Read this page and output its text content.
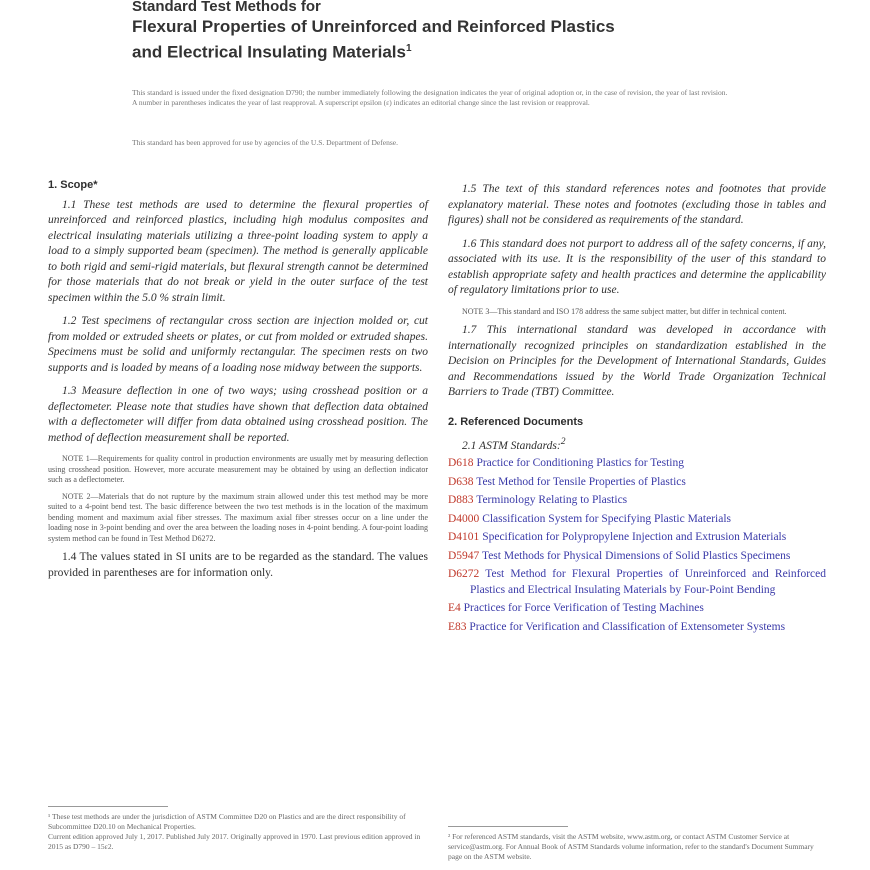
Standard Test Methods for
Flexural Properties of Unreinforced and Reinforced Plastics
and Electrical Insulating Materials$^1$
This standard is issued under the fixed designation D790; the number immediately following the designation indicates the year of original adoption or, in the case of revision, the year of last revision. A number in parentheses indicates the year of last reapproval. A superscript epsilon (ε) indicates an editorial change since the last revision or reapproval.
This standard has been approved for use by agencies of the U.S. Department of Defense.
1. Scope*

1.1 These test methods are used to determine the flexural properties of unreinforced and reinforced plastics, including high modulus composites and electrical insulating materials utilizing a three-point loading system to apply a load to a simply supported beam (specimen). The method is generally applicable to both rigid and semi-rigid materials, but flexural strength cannot be determined for those materials that do not break or yield in the outer surface of the test specimen within the 5.0 % strain limit.

1.2 Test specimens of rectangular cross section are injection molded or, cut from molded or extruded sheets or plates, or cut from molded or extruded shapes. Specimens must be solid and uniformly rectangular. The specimen rests on two supports and is loaded by means of a loading nose midway between the supports.

1.3 Measure deflection in one of two ways; using crosshead position or a deflectometer. Please note that studies have shown that deflection data obtained with a deflectometer will differ from data obtained using crosshead position. The method of deflection measurement shall be reported.

NOTE 1—Requirements for quality control in production environments are usually met by measuring deflection using crosshead position. However, more accurate measurement may be obtained by using an deflection indicator such as a deflectometer.

NOTE 2—Materials that do not rupture by the maximum strain allowed under this test method may be more suited to a 4-point bend test. The basic difference between the two test methods is in the location of the maximum bending moment and maximum axial fiber stresses. The maximum axial fiber stresses occur on a line under the loading nose in 3-point bending and over the area between the loading noses in 4-point bending. A four-point loading system method can be found in Test Method D6272.

1.4 The values stated in SI units are to be regarded as the standard. The values provided in parentheses are for information only.

1.5 The text of this standard references notes and footnotes that provide explanatory material. These notes and footnotes (excluding those in tables and figures) shall not be considered as requirements of the standard.

1.6 This standard does not purport to address all of the safety concerns, if any, associated with its use. It is the responsibility of the user of this standard to establish appropriate safety and health practices and determine the applicability of regulatory limitations prior to use.

NOTE 3—This standard and ISO 178 address the same subject matter, but differ in technical content.

1.7 This international standard was developed in accordance with internationally recognized principles on standardization established in the Decision on Principles for the Development of International Standards, Guides and Recommendations issued by the World Trade Organization Technical Barriers to Trade (TBT) Committee.

2. Referenced Documents
2.1 ASTM Standards:$^2$
D618 Practice for Conditioning Plastics for Testing
D638 Test Method for Tensile Properties of Plastics
D883 Terminology Relating to Plastics
D4000 Classification System for Specifying Plastic Materials
D4101 Specification for Polypropylene Injection and Extrusion Materials
D5947 Test Methods for Physical Dimensions of Solid Plastics Specimens
D6272 Test Method for Flexural Properties of Unreinforced and Reinforced Plastics and Electrical Insulating Materials by Four-Point Bending
E4 Practices for Force Verification of Testing Machines
E83 Practice for Verification and Classification of Extensometer Systems
¹ These test methods are under the jurisdiction of ASTM Committee D20 on Plastics and are the direct responsibility of Subcommittee D20.10 on Mechanical Properties.
Current edition approved July 1, 2017. Published July 2017. Originally approved in 1970. Last previous edition approved in 2015 as D790 – 15ε2.
² For referenced ASTM standards, visit the ASTM website, www.astm.org, or contact ASTM Customer Service at service@astm.org. For Annual Book of ASTM Standards volume information, refer to the standard's Document Summary page on the ASTM website.
